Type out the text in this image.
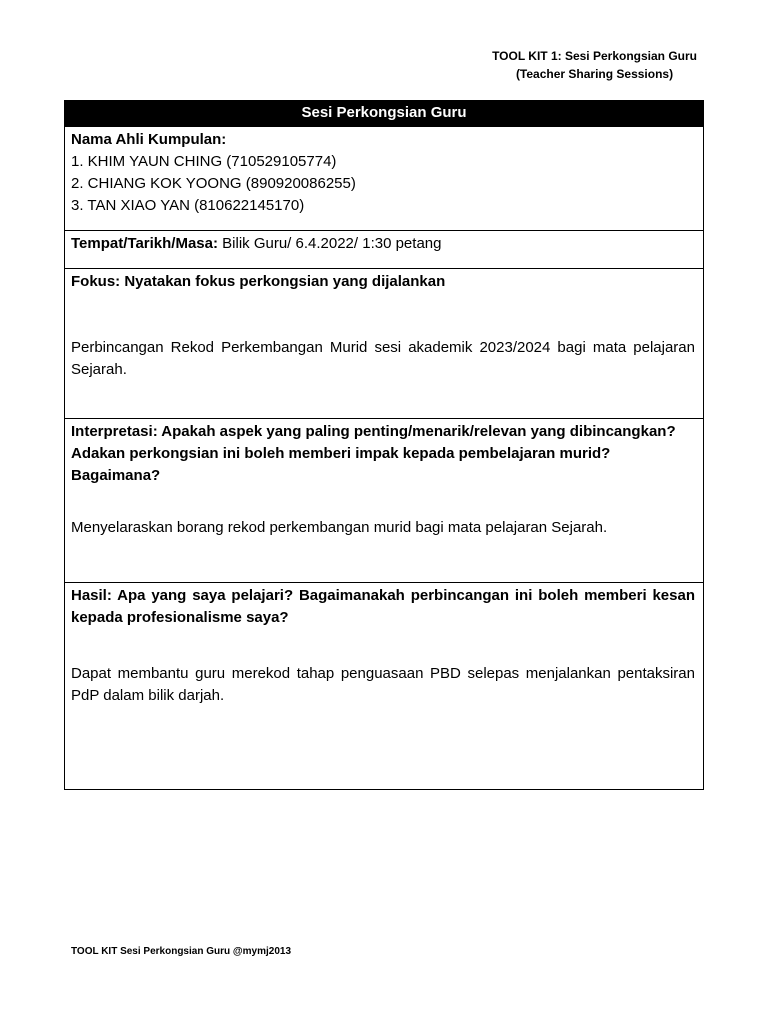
TOOL KIT 1: Sesi Perkongsian Guru
(Teacher Sharing Sessions)
Sesi Perkongsian Guru

Nama Ahli Kumpulan:
1. KHIM YAUN CHING (710529105774)
2. CHIANG KOK YOONG (890920086255)
3. TAN XIAO YAN (810622145170)

Tempat/Tarikh/Masa: Bilik Guru/ 6.4.2022/ 1:30 petang

Fokus: Nyatakan fokus perkongsian yang dijalankan
Perbincangan Rekod Perkembangan Murid sesi akademik 2023/2024 bagi mata pelajaran Sejarah.

Interpretasi: Apakah aspek yang paling penting/menarik/relevan yang dibincangkan? Adakan perkongsian ini boleh memberi impak kepada pembelajaran murid? Bagaimana?
Menyelaraskan borang rekod perkembangan murid bagi mata pelajaran Sejarah.

Hasil: Apa yang saya pelajari? Bagaimanakah perbincangan ini boleh memberi kesan kepada profesionalisme saya?
Dapat membantu guru merekod tahap penguasaan PBD selepas menjalankan pentaksiran PdP dalam bilik darjah.
TOOL KIT Sesi Perkongsian Guru @mymj2013
